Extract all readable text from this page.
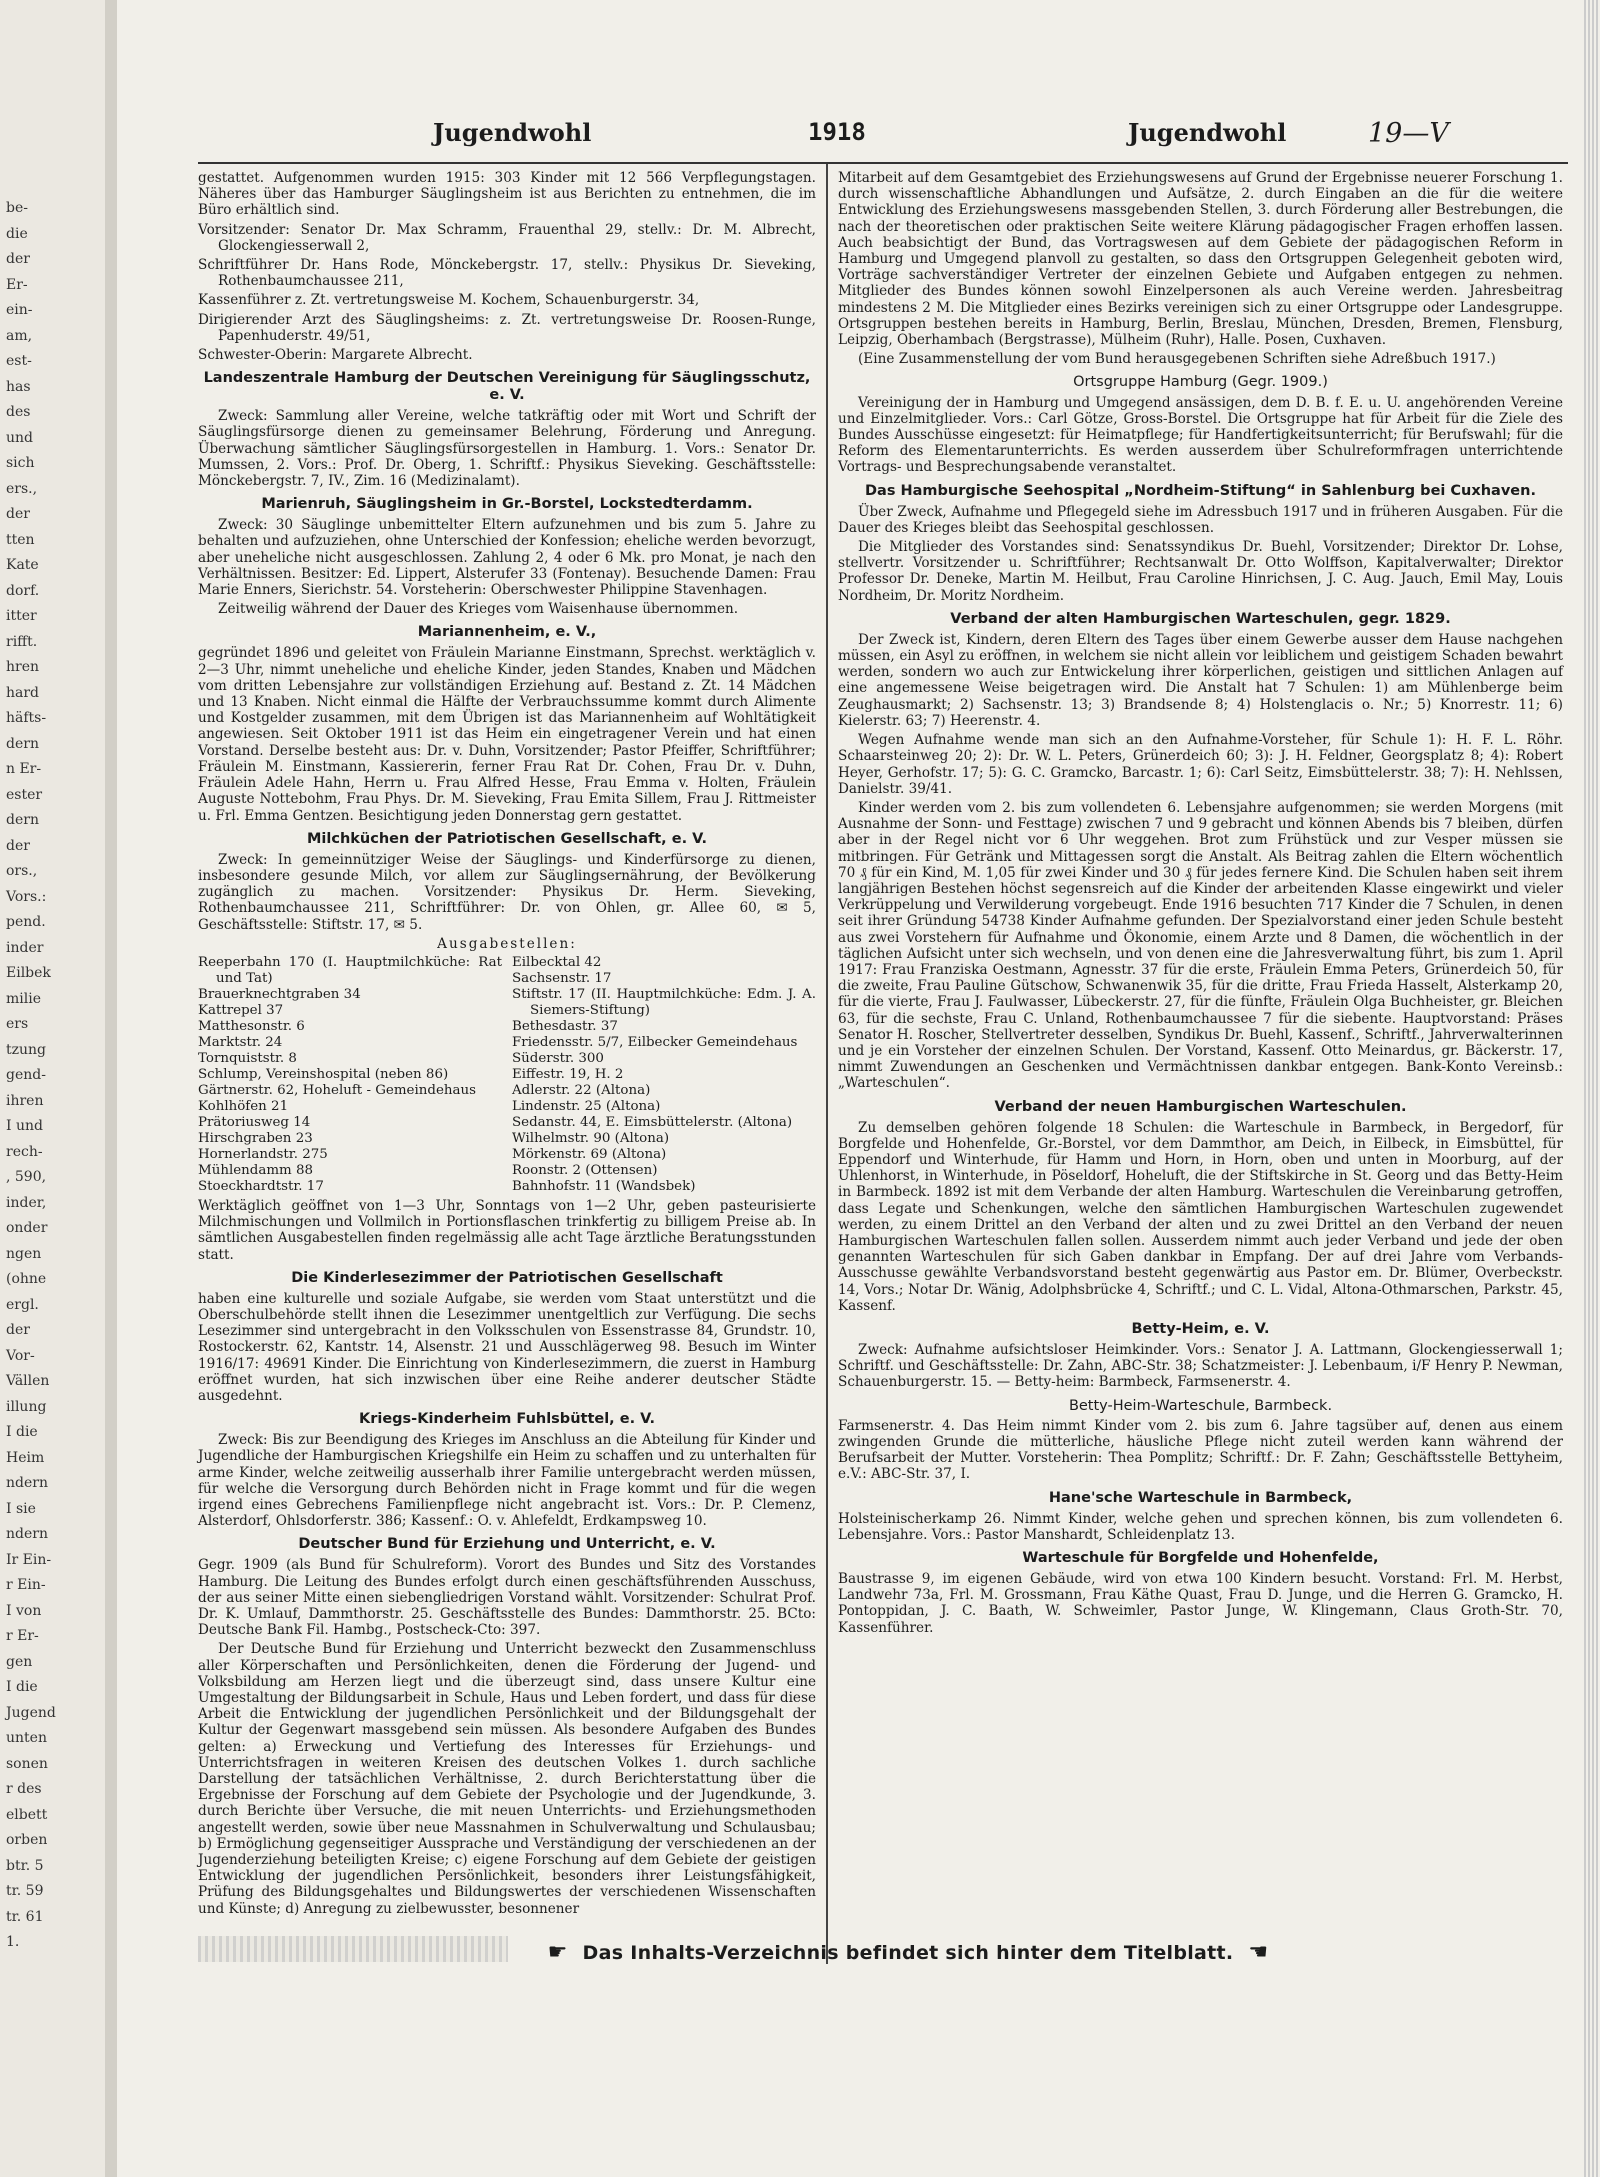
be-
die
der
Er-
ein-
am,
est-
has
des
und
sich
ers.,
der
tten
Kate
dorf.
itter
rifft.
hren
hard
häfts-
dern
n Er-
ester
dern
der
ors.,
Vors.:
pend.
inder
Eilbek
milie
ers
tzung
gend-
ihren
I und
rech-
, 590,
inder,
onder
ngen
(ohne
ergl.
der
Vor-
Vällen
illung
I die
Heim
ndern
I sie
ndern
Ir Ein-
r Ein-
I von
r Er-
gen
I die
Jugend
unten
sonen
r des
elbett
orben
btr. 5
tr. 59
tr. 61
1.
Jugendwohl	1918	Jugendwohl	19—V

gestattet. Aufgenommen wurden 1915: 303 Kinder mit 12 566 Verpflegungstagen. Näheres über das Hamburger Säuglingsheim ist aus Berichten zu entnehmen, die im Büro erhältlich sind.

Vorsitzender: Senator Dr. Max Schramm, Frauenthal 29, stellv.: Dr. M. Albrecht, Glockengiesserwall 2,

Schriftführer Dr. Hans Rode, Mönckebergstr. 17, stellv.: Physikus Dr. Sieveking, Rothenbaumchaussee 211,

Kassenführer z. Zt. vertretungsweise M. Kochem, Schauenburgerstr. 34,

Dirigierender Arzt des Säuglingsheims: z. Zt. vertretungsweise Dr. Roosen-Runge, Papenhuderstr. 49/51,

Schwester-Oberin: Margarete Albrecht.

Landeszentrale Hamburg der Deutschen Vereinigung für Säuglingsschutz, e. V.

Zweck: Sammlung aller Vereine, welche tatkräftig oder mit Wort und Schrift der Säuglingsfürsorge dienen zu gemeinsamer Belehrung, Förderung und Anregung. Überwachung sämtlicher Säuglingsfürsorgestellen in Hamburg. 1. Vors.: Senator Dr. Mumssen, 2. Vors.: Prof. Dr. Oberg, 1. Schriftf.: Physikus Sieveking. Geschäftsstelle: Mönckebergstr. 7, IV., Zim. 16 (Medizinalamt).

Marienruh, Säuglingsheim in Gr.-Borstel, Lockstedterdamm.

Zweck: 30 Säuglinge unbemittelter Eltern aufzunehmen und bis zum 5. Jahre zu behalten und aufzuziehen, ohne Unterschied der Konfession; eheliche werden bevorzugt, aber uneheliche nicht ausgeschlossen. Zahlung 2, 4 oder 6 Mk. pro Monat, je nach den Verhältnissen. Besitzer: Ed. Lippert, Alsterufer 33 (Fontenay). Besuchende Damen: Frau Marie Enners, Sierichstr. 54. Vorsteherin: Oberschwester Philippine Stavenhagen.

Zeitweilig während der Dauer des Krieges vom Waisenhause übernommen.

Mariannenheim, e. V.,

gegründet 1896 und geleitet von Fräulein Marianne Einstmann, Sprechst. werktäglich v. 2—3 Uhr, nimmt uneheliche und eheliche Kinder, jeden Standes, Knaben und Mädchen vom dritten Lebensjahre zur vollständigen Erziehung auf. Bestand z. Zt. 14 Mädchen und 13 Knaben. Nicht einmal die Hälfte der Verbrauchssumme kommt durch Alimente und Kostgelder zusammen, mit dem Übrigen ist das Mariannenheim auf Wohltätigkeit angewiesen. Seit Oktober 1911 ist das Heim ein eingetragener Verein und hat einen Vorstand. Derselbe besteht aus: Dr. v. Duhn, Vorsitzender; Pastor Pfeiffer, Schriftführer; Fräulein M. Einstmann, Kassiererin, ferner Frau Rat Dr. Cohen, Frau Dr. v. Duhn, Fräulein Adele Hahn, Herrn u. Frau Alfred Hesse, Frau Emma v. Holten, Fräulein Auguste Nottebohm, Frau Phys. Dr. M. Sieveking, Frau Emita Sillem, Frau J. Rittmeister u. Frl. Emma Gentzen. Besichtigung jeden Donnerstag gern gestattet.

Milchküchen der Patriotischen Gesellschaft, e. V.

Zweck: In gemeinnütziger Weise der Säuglings- und Kinderfürsorge zu dienen, insbesondere gesunde Milch, vor allem zur Säuglingsernährung, der Bevölkerung zugänglich zu machen. Vorsitzender: Physikus Dr. Herm. Sieveking, Rothenbaumchaussee 211, Schriftführer: Dr. von Ohlen, gr. Allee 60, ✉ 5, Geschäftsstelle: Stiftstr. 17, ✉ 5.

Ausgabestellen:

Reeperbahn 170 (I. Hauptmilchküche: Rat und Tat)
Brauerknechtgraben 34
Kattrepel 37
Matthesonstr. 6
Marktstr. 24
Tornquiststr. 8
Schlump, Vereinshospital (neben 86)
Gärtnerstr. 62, Hoheluft - Gemeindehaus
Kohlhöfen 21
Prätoriusweg 14
Hirschgraben 23
Hornerlandstr. 275
Mühlendamm 88
Stoeckhardtstr. 17
Eilbecktal 42
Sachsenstr. 17
Stiftstr. 17 (II. Hauptmilchküche: Edm. J. A. Siemers-Stiftung)
Bethesdastr. 37
Friedensstr. 5/7, Eilbecker Gemeindehaus
Süderstr. 300
Eiffestr. 19, H. 2
Adlerstr. 22 (Altona)
Lindenstr. 25 (Altona)
Sedanstr. 44, E. Eimsbüttelerstr. (Altona)
Wilhelmstr. 90 (Altona)
Mörkenstr. 69 (Altona)
Roonstr. 2 (Ottensen)
Bahnhofstr. 11 (Wandsbek)

Werktäglich geöffnet von 1—3 Uhr, Sonntags von 1—2 Uhr, geben pasteurisierte Milchmischungen und Vollmilch in Portionsflaschen trinkfertig zu billigem Preise ab. In sämtlichen Ausgabestellen finden regelmässig alle acht Tage ärztliche Beratungsstunden statt.

Die Kinderlesezimmer der Patriotischen Gesellschaft

haben eine kulturelle und soziale Aufgabe, sie werden vom Staat unterstützt und die Oberschulbehörde stellt ihnen die Lesezimmer unentgeltlich zur Verfügung. Die sechs Lesezimmer sind untergebracht in den Volksschulen von Essenstrasse 84, Grundstr. 10, Rostockerstr. 62, Kantstr. 14, Alsenstr. 21 und Ausschlägerweg 98. Besuch im Winter 1916/17: 49691 Kinder. Die Einrichtung von Kinderlesezimmern, die zuerst in Hamburg eröffnet wurden, hat sich inzwischen über eine Reihe anderer deutscher Städte ausgedehnt.

Kriegs-Kinderheim Fuhlsbüttel, e. V.

Zweck: Bis zur Beendigung des Krieges im Anschluss an die Abteilung für Kinder und Jugendliche der Hamburgischen Kriegshilfe ein Heim zu schaffen und zu unterhalten für arme Kinder, welche zeitweilig ausserhalb ihrer Familie untergebracht werden müssen, für welche die Versorgung durch Behörden nicht in Frage kommt und für die wegen irgend eines Gebrechens Familienpflege nicht angebracht ist. Vors.: Dr. P. Clemenz, Alsterdorf, Ohlsdorferstr. 386; Kassenf.: O. v. Ahlefeldt, Erdkampsweg 10.

Deutscher Bund für Erziehung und Unterricht, e. V.

Gegr. 1909 (als Bund für Schulreform). Vorort des Bundes und Sitz des Vorstandes Hamburg. Die Leitung des Bundes erfolgt durch einen geschäftsführenden Ausschuss, der aus seiner Mitte einen siebengliedrigen Vorstand wählt. Vorsitzender: Schulrat Prof. Dr. K. Umlauf, Dammthorstr. 25. Geschäftsstelle des Bundes: Dammthorstr. 25. BCto: Deutsche Bank Fil. Hambg., Postscheck-Cto: 397.

Der Deutsche Bund für Erziehung und Unterricht bezweckt den Zusammenschluss aller Körperschaften und Persönlichkeiten, denen die Förderung der Jugend- und Volksbildung am Herzen liegt und die überzeugt sind, dass unsere Kultur eine Umgestaltung der Bildungsarbeit in Schule, Haus und Leben fordert, und dass für diese Arbeit die Entwicklung der jugendlichen Persönlichkeit und der Bildungsgehalt der Kultur der Gegenwart massgebend sein müssen. Als besondere Aufgaben des Bundes gelten: a) Erweckung und Vertiefung des Interesses für Erziehungs- und Unterrichtsfragen in weiteren Kreisen des deutschen Volkes 1. durch sachliche Darstellung der tatsächlichen Verhältnisse, 2. durch Berichterstattung über die Ergebnisse der Forschung auf dem Gebiete der Psychologie und der Jugendkunde, 3. durch Berichte über Versuche, die mit neuen Unterrichts- und Erziehungsmethoden angestellt werden, sowie über neue Massnahmen in Schulverwaltung und Schulausbau; b) Ermöglichung gegenseitiger Aussprache und Verständigung der verschiedenen an der Jugenderziehung beteiligten Kreise; c) eigene Forschung auf dem Gebiete der geistigen Entwicklung der jugendlichen Persönlichkeit, besonders ihrer Leistungsfähigkeit, Prüfung des Bildungsgehaltes und Bildungswertes der verschiedenen Wissenschaften und Künste; d) Anregung zu zielbewusster, besonnener

Mitarbeit auf dem Gesamtgebiet des Erziehungswesens auf Grund der Ergebnisse neuerer Forschung 1. durch wissenschaftliche Abhandlungen und Aufsätze, 2. durch Eingaben an die für die weitere Entwicklung des Erziehungswesens massgebenden Stellen, 3. durch Förderung aller Bestrebungen, die nach der theoretischen oder praktischen Seite weitere Klärung pädagogischer Fragen erhoffen lassen. Auch beabsichtigt der Bund, das Vortragswesen auf dem Gebiete der pädagogischen Reform in Hamburg und Umgegend planvoll zu gestalten, so dass den Ortsgruppen Gelegenheit geboten wird, Vorträge sachverständiger Vertreter der einzelnen Gebiete und Aufgaben entgegen zu nehmen. Mitglieder des Bundes können sowohl Einzelpersonen als auch Vereine werden. Jahresbeitrag mindestens 2 M. Die Mitglieder eines Bezirks vereinigen sich zu einer Ortsgruppe oder Landesgruppe. Ortsgruppen bestehen bereits in Hamburg, Berlin, Breslau, München, Dresden, Bremen, Flensburg, Leipzig, Oberhambach (Bergstrasse), Mülheim (Ruhr), Halle. Posen, Cuxhaven.

(Eine Zusammenstellung der vom Bund herausgegebenen Schriften siehe Adreßbuch 1917.)

Ortsgruppe Hamburg (Gegr. 1909.)

Vereinigung der in Hamburg und Umgegend ansässigen, dem D. B. f. E. u. U. angehörenden Vereine und Einzelmitglieder. Vors.: Carl Götze, Gross-Borstel. Die Ortsgruppe hat für Arbeit für die Ziele des Bundes Ausschüsse eingesetzt: für Heimatpflege; für Handfertigkeitsunterricht; für Berufswahl; für die Reform des Elementarunterrichts. Es werden ausserdem über Schulreformfragen unterrichtende Vortrags- und Besprechungsabende veranstaltet.

Das Hamburgische Seehospital „Nordheim-Stiftung“ in Sahlenburg bei Cuxhaven.

Über Zweck, Aufnahme und Pflegegeld siehe im Adressbuch 1917 und in früheren Ausgaben. Für die Dauer des Krieges bleibt das Seehospital geschlossen.

Die Mitglieder des Vorstandes sind: Senatssyndikus Dr. Buehl, Vorsitzender; Direktor Dr. Lohse, stellvertr. Vorsitzender u. Schriftführer; Rechtsanwalt Dr. Otto Wolffson, Kapitalverwalter; Direktor Professor Dr. Deneke, Martin M. Heilbut, Frau Caroline Hinrichsen, J. C. Aug. Jauch, Emil May, Louis Nordheim, Dr. Moritz Nordheim.

Verband der alten Hamburgischen Warteschulen, gegr. 1829.

Der Zweck ist, Kindern, deren Eltern des Tages über einem Gewerbe ausser dem Hause nachgehen müssen, ein Asyl zu eröffnen, in welchem sie nicht allein vor leiblichem und geistigem Schaden bewahrt werden, sondern wo auch zur Entwickelung ihrer körperlichen, geistigen und sittlichen Anlagen auf eine angemessene Weise beigetragen wird. Die Anstalt hat 7 Schulen: 1) am Mühlenberge beim Zeughausmarkt; 2) Sachsenstr. 13; 3) Brandsende 8; 4) Holstenglacis o. Nr.; 5) Knorrestr. 11; 6) Kielerstr. 63; 7) Heerenstr. 4.

Wegen Aufnahme wende man sich an den Aufnahme-Vorsteher, für Schule 1): H. F. L. Röhr. Schaarsteinweg 20; 2): Dr. W. L. Peters, Grünerdeich 60; 3): J. H. Feldner, Georgsplatz 8; 4): Robert Heyer, Gerhofstr. 17; 5): G. C. Gramcko, Barcastr. 1; 6): Carl Seitz, Eimsbüttelerstr. 38; 7): H. Nehlssen, Danielstr. 39/41.

Kinder werden vom 2. bis zum vollendeten 6. Lebensjahre aufgenommen; sie werden Morgens (mit Ausnahme der Sonn- und Festtage) zwischen 7 und 9 gebracht und können Abends bis 7 bleiben, dürfen aber in der Regel nicht vor 6 Uhr weggehen. Brot zum Frühstück und zur Vesper müssen sie mitbringen. Für Getränk und Mittagessen sorgt die Anstalt. Als Beitrag zahlen die Eltern wöchentlich 70 ₰ für ein Kind, M. 1,05 für zwei Kinder und 30 ₰ für jedes fernere Kind. Die Schulen haben seit ihrem langjährigen Bestehen höchst segensreich auf die Kinder der arbeitenden Klasse eingewirkt und vieler Verkrüppelung und Verwilderung vorgebeugt. Ende 1916 besuchten 717 Kinder die 7 Schulen, in denen seit ihrer Gründung 54738 Kinder Aufnahme gefunden. Der Spezialvorstand einer jeden Schule besteht aus zwei Vorstehern für Aufnahme und Ökonomie, einem Arzte und 8 Damen, die wöchentlich in der täglichen Aufsicht unter sich wechseln, und von denen eine die Jahresverwaltung führt, bis zum 1. April 1917: Frau Franziska Oestmann, Agnesstr. 37 für die erste, Fräulein Emma Peters, Grünerdeich 50, für die zweite, Frau Pauline Gütschow, Schwanenwik 35, für die dritte, Frau Frieda Hasselt, Alsterkamp 20, für die vierte, Frau J. Faulwasser, Lübeckerstr. 27, für die fünfte, Fräulein Olga Buchheister, gr. Bleichen 63, für die sechste, Frau C. Unland, Rothenbaumchaussee 7 für die siebente. Hauptvorstand: Präses Senator H. Roscher, Stellvertreter desselben, Syndikus Dr. Buehl, Kassenf., Schriftf., Jahrverwalterinnen und je ein Vorsteher der einzelnen Schulen. Der Vorstand, Kassenf. Otto Meinardus, gr. Bäckerstr. 17, nimmt Zuwendungen an Geschenken und Vermächtnissen dankbar entgegen. Bank-Konto Vereinsb.: „Warteschulen“.

Verband der neuen Hamburgischen Warteschulen.

Zu demselben gehören folgende 18 Schulen: die Warteschule in Barmbeck, in Bergedorf, für Borgfelde und Hohenfelde, Gr.-Borstel, vor dem Dammthor, am Deich, in Eilbeck, in Eimsbüttel, für Eppendorf und Winterhude, für Hamm und Horn, in Horn, oben und unten in Moorburg, auf der Uhlenhorst, in Winterhude, in Pöseldorf, Hoheluft, die der Stiftskirche in St. Georg und das Betty-Heim in Barmbeck. 1892 ist mit dem Verbande der alten Hamburg. Warteschulen die Vereinbarung getroffen, dass Legate und Schenkungen, welche den sämtlichen Hamburgischen Warteschulen zugewendet werden, zu einem Drittel an den Verband der alten und zu zwei Drittel an den Verband der neuen Hamburgischen Warteschulen fallen sollen. Ausserdem nimmt auch jeder Verband und jede der oben genannten Warteschulen für sich Gaben dankbar in Empfang. Der auf drei Jahre vom Verbands-Ausschusse gewählte Verbandsvorstand besteht gegenwärtig aus Pastor em. Dr. Blümer, Overbeckstr. 14, Vors.; Notar Dr. Wänig, Adolphsbrücke 4, Schriftf.; und C. L. Vidal, Altona-Othmarschen, Parkstr. 45, Kassenf.

Betty-Heim, e. V.

Zweck: Aufnahme aufsichtsloser Heimkinder. Vors.: Senator J. A. Lattmann, Glockengiesserwall 1; Schriftf. und Geschäftsstelle: Dr. Zahn, ABC-Str. 38; Schatzmeister: J. Lebenbaum, i/F Henry P. Newman, Schauenburgerstr. 15. — Betty-heim: Barmbeck, Farmsenerstr. 4.

Betty-Heim-Warteschule, Barmbeck.

Farmsenerstr. 4. Das Heim nimmt Kinder vom 2. bis zum 6. Jahre tagsüber auf, denen aus einem zwingenden Grunde die mütterliche, häusliche Pflege nicht zuteil werden kann während der Berufsarbeit der Mutter. Vorsteherin: Thea Pomplitz; Schriftf.: Dr. F. Zahn; Geschäftsstelle Bettyheim, e.V.: ABC-Str. 37, I.

Hane'sche Warteschule in Barmbeck,

Holsteinischerkamp 26. Nimmt Kinder, welche gehen und sprechen können, bis zum vollendeten 6. Lebensjahre. Vors.: Pastor Manshardt, Schleidenplatz 13.

Warteschule für Borgfelde und Hohenfelde,

Baustrasse 9, im eigenen Gebäude, wird von etwa 100 Kindern besucht. Vorstand: Frl. M. Herbst, Landwehr 73a, Frl. M. Grossmann, Frau Käthe Quast, Frau D. Junge, und die Herren G. Gramcko, H. Pontoppidan, J. C. Baath, W. Schweimler, Pastor Junge, W. Klingemann, Claus Groth-Str. 70, Kassenführer.

☛ Das Inhalts-Verzeichnis befindet sich hinter dem Titelblatt. ☚
